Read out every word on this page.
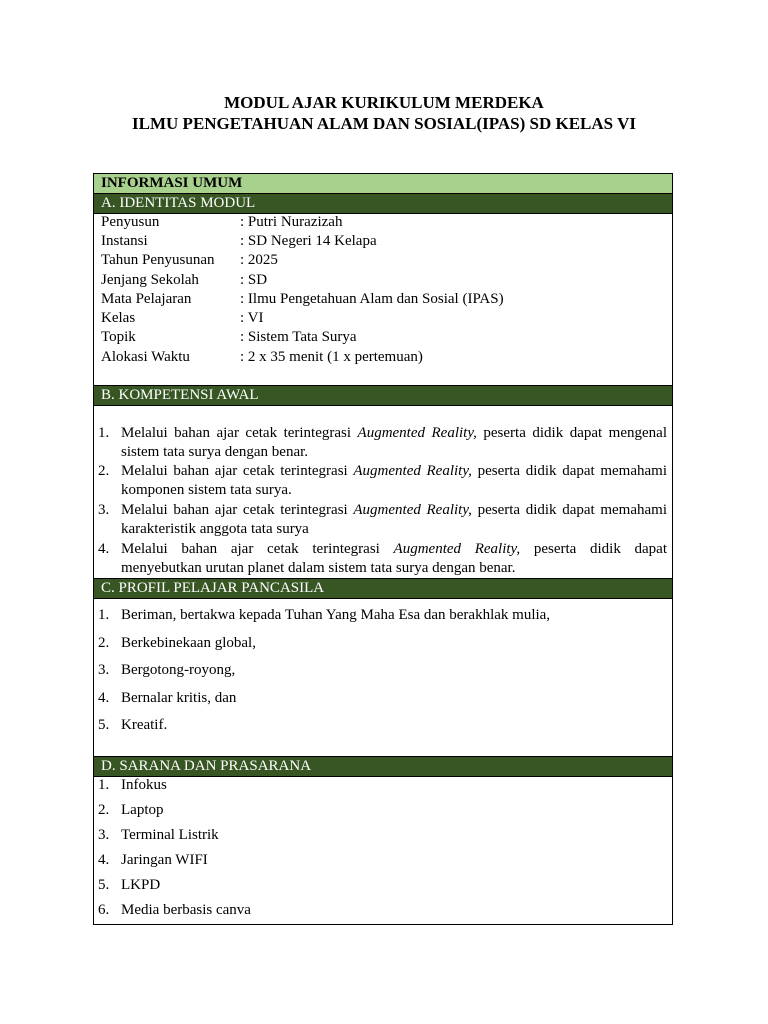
MODUL AJAR KURIKULUM MERDEKA
ILMU PENGETAHUAN ALAM DAN SOSIAL(IPAS) SD KELAS VI
INFORMASI UMUM
A. IDENTITAS MODUL
Penyusun	: Putri Nurazizah
Instansi	: SD Negeri 14 Kelapa
Tahun Penyusunan : 2025
Jenjang Sekolah	: SD
Mata Pelajaran	: Ilmu Pengetahuan Alam dan Sosial (IPAS)
Kelas	: VI
Topik	: Sistem Tata Surya
Alokasi Waktu	: 2 x 35 menit (1 x pertemuan)
B. KOMPETENSI AWAL
1. Melalui bahan ajar cetak terintegrasi Augmented Reality, peserta didik dapat mengenal
sistem tata surya dengan benar.
2. Melalui bahan ajar cetak terintegrasi Augmented Reality, peserta didik dapat memahami
komponen sistem tata surya.
3. Melalui bahan ajar cetak terintegrasi Augmented Reality, peserta didik dapat memahami
karakteristik anggota tata surya
4. Melalui bahan ajar cetak terintegrasi Augmented Reality, peserta didik dapat
menyebutkan urutan planet dalam sistem tata surya dengan benar.
C. PROFIL PELAJAR PANCASILA
1. Beriman, bertakwa kepada Tuhan Yang Maha Esa dan berakhlak mulia,
2. Berkebinekaan global,
3. Bergotong-royong,
4. Bernalar kritis, dan
5. Kreatif.
D. SARANA DAN PRASARANA
1. Infokus
2. Laptop
3. Terminal Listrik
4. Jaringan WIFI
5. LKPD
6. Media berbasis canva
